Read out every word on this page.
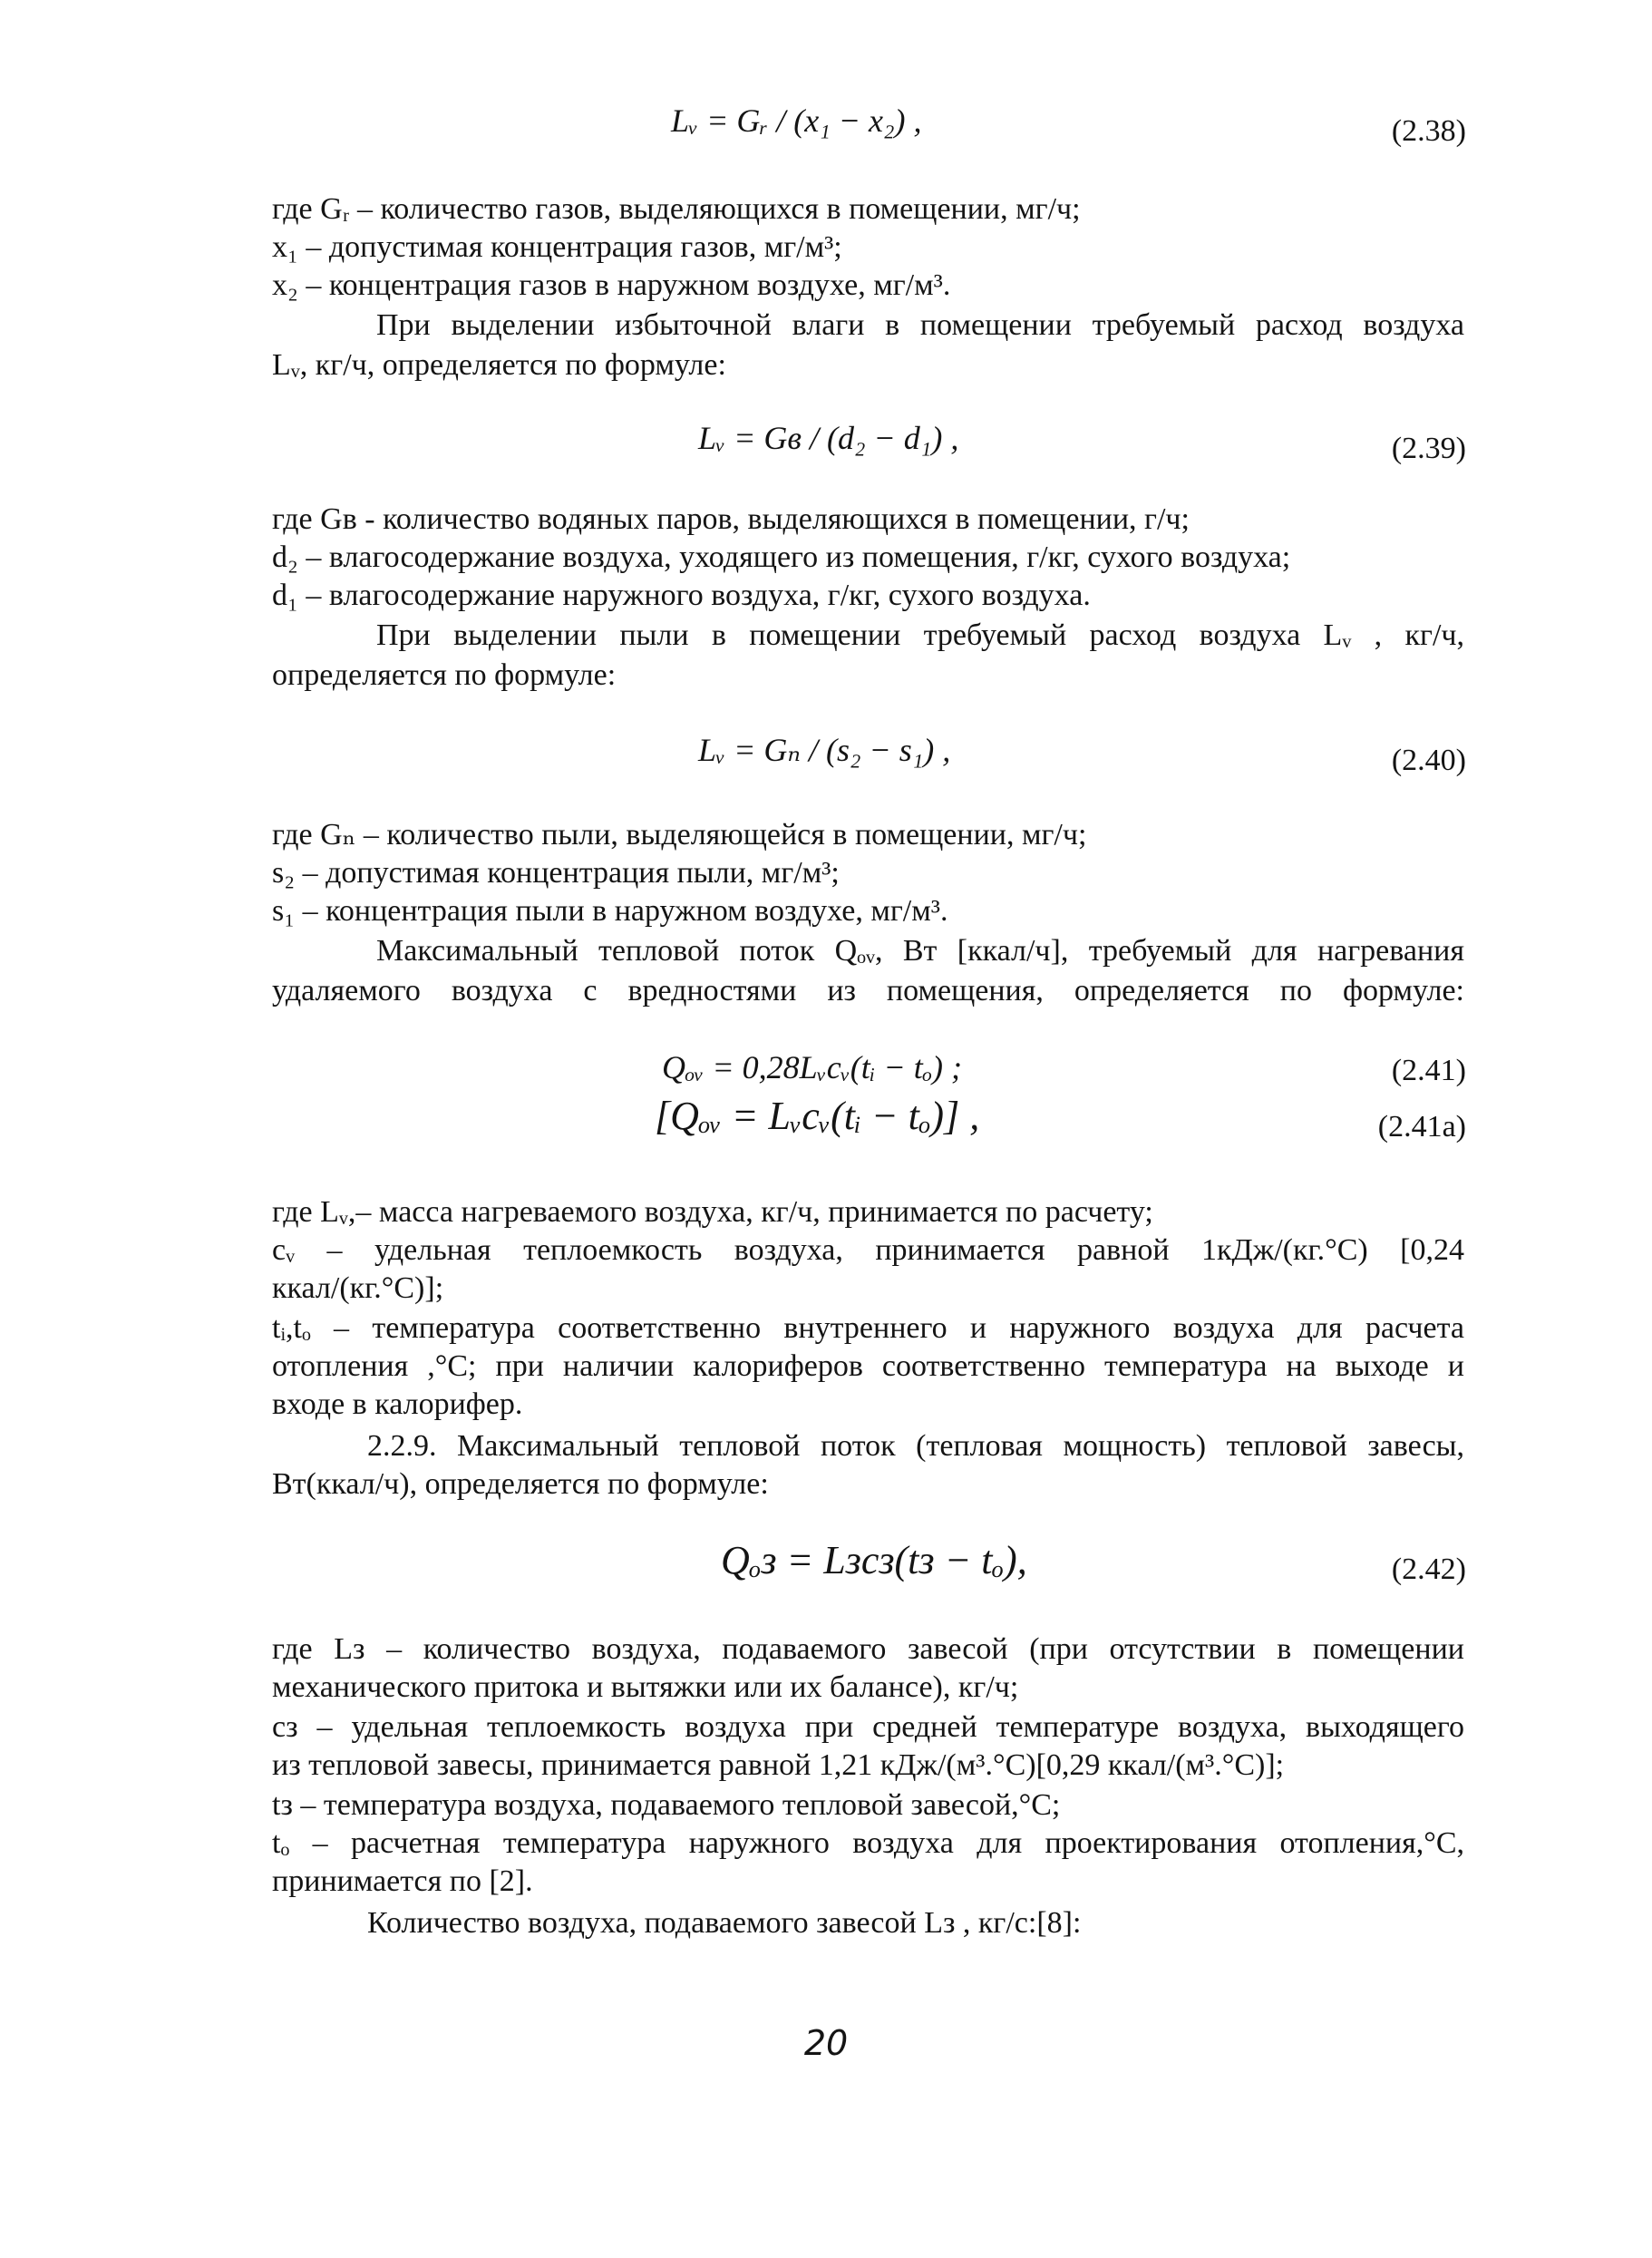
Lᵥ = Gᵣ / (x₁ − x₂) ,	(2.38)
где Gᵣ – количество газов, выделяющихся в помещении, мг/ч;
x₁ – допустимая концентрация газов, мг/м³;
x₂ – концентрация газов в наружном воздухе, мг/м³.
При выделении избыточной влаги в помещении требуемый расход воздуха
Lᵥ, кг/ч, определяется по формуле:
Lᵥ = Gв / (d₂ − d₁) ,	(2.39)
где Gв - количество водяных паров, выделяющихся в помещении, г/ч;
d₂ – влагосодержание воздуха, уходящего из помещения, г/кг, сухого воздуха;
d₁ – влагосодержание наружного воздуха, г/кг, сухого воздуха.
При выделении пыли в помещении требуемый расход воздуха Lᵥ , кг/ч,
определяется по формуле:
Lᵥ = Gₙ / (s₂ − s₁) ,	(2.40)
где Gₙ – количество пыли, выделяющейся в помещении, мг/ч;
s₂ – допустимая концентрация пыли, мг/м³;
s₁ – концентрация пыли в наружном воздухе, мг/м³.
Максимальный тепловой поток Qₒᵥ, Вт [ккал/ч], требуемый для нагревания
удаляемого воздуха с вредностями из помещения, определяется по формуле:
Qₒᵥ = 0,28Lᵥcᵥ(tᵢ − tₒ) ;	(2.41)
[Qₒᵥ = Lᵥcᵥ(tᵢ − tₒ)] ,	(2.41a)
где Lᵥ,– масса нагреваемого воздуха, кг/ч, принимается по расчету;
cᵥ – удельная теплоемкость воздуха, принимается равной 1кДж/(кг.°С) [0,24
ккал/(кг.°С)];
tᵢ,tₒ – температура соответственно внутреннего и наружного воздуха для расчета
отопления ,°С; при наличии калориферов соответственно температура на выходе и
входе в калорифер.
2.2.9. Максимальный тепловой поток (тепловая мощность) тепловой завесы,
Вт(ккал/ч), определяется по формуле:
Qₒз = Lзcз(tз − tₒ),	(2.42)
где Lз – количество воздуха, подаваемого завесой (при отсутствии в помещении
механического притока и вытяжки или их балансе), кг/ч;
cз – удельная теплоемкость воздуха при средней температуре воздуха, выходящего
из тепловой завесы, принимается равной 1,21 кДж/(м³.°С)[0,29 ккал/(м³.°С)];
tз – температура воздуха, подаваемого тепловой завесой,°С;
tₒ – расчетная температура наружного воздуха для проектирования отопления,°С,
принимается по [2].
Количество воздуха, подаваемого завесой Lз , кг/с:[8]:
20
